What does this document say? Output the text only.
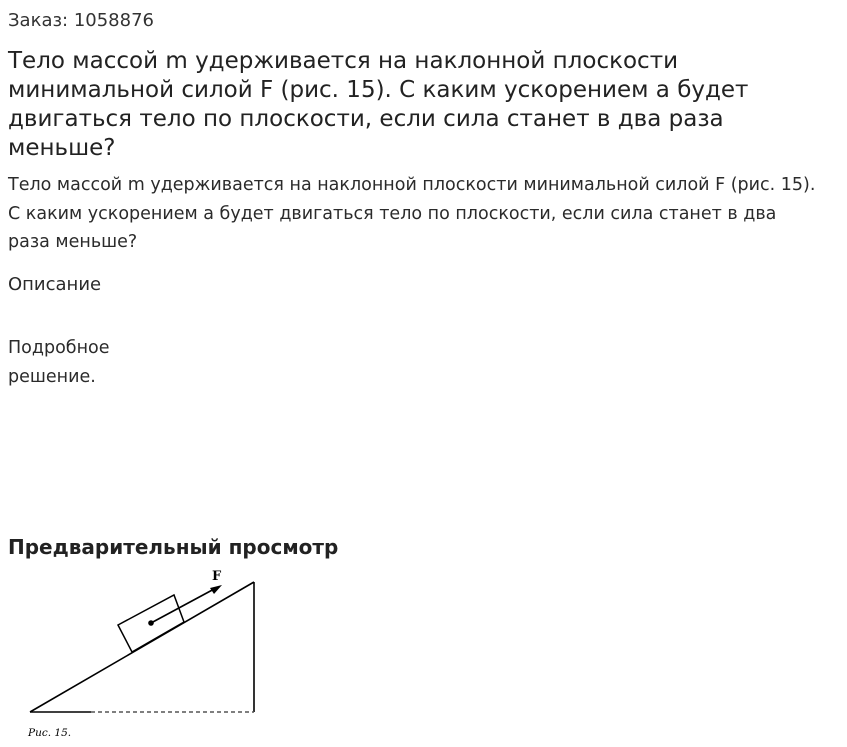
Заказ: 1058876
Тело массой m удерживается на наклонной плоскости минимальной силой F (рис. 15). С каким ускорением a будет двигаться тело по плоскости, если сила станет в два раза меньше?

Тело массой m удерживается на наклонной плоскости минимальной силой F (рис. 15). С каким ускорением a будет двигаться тело по плоскости, если сила станет в два раза меньше?

Описание
Подробное решение.
Предварительный просмотр
F
Рис. 15.
